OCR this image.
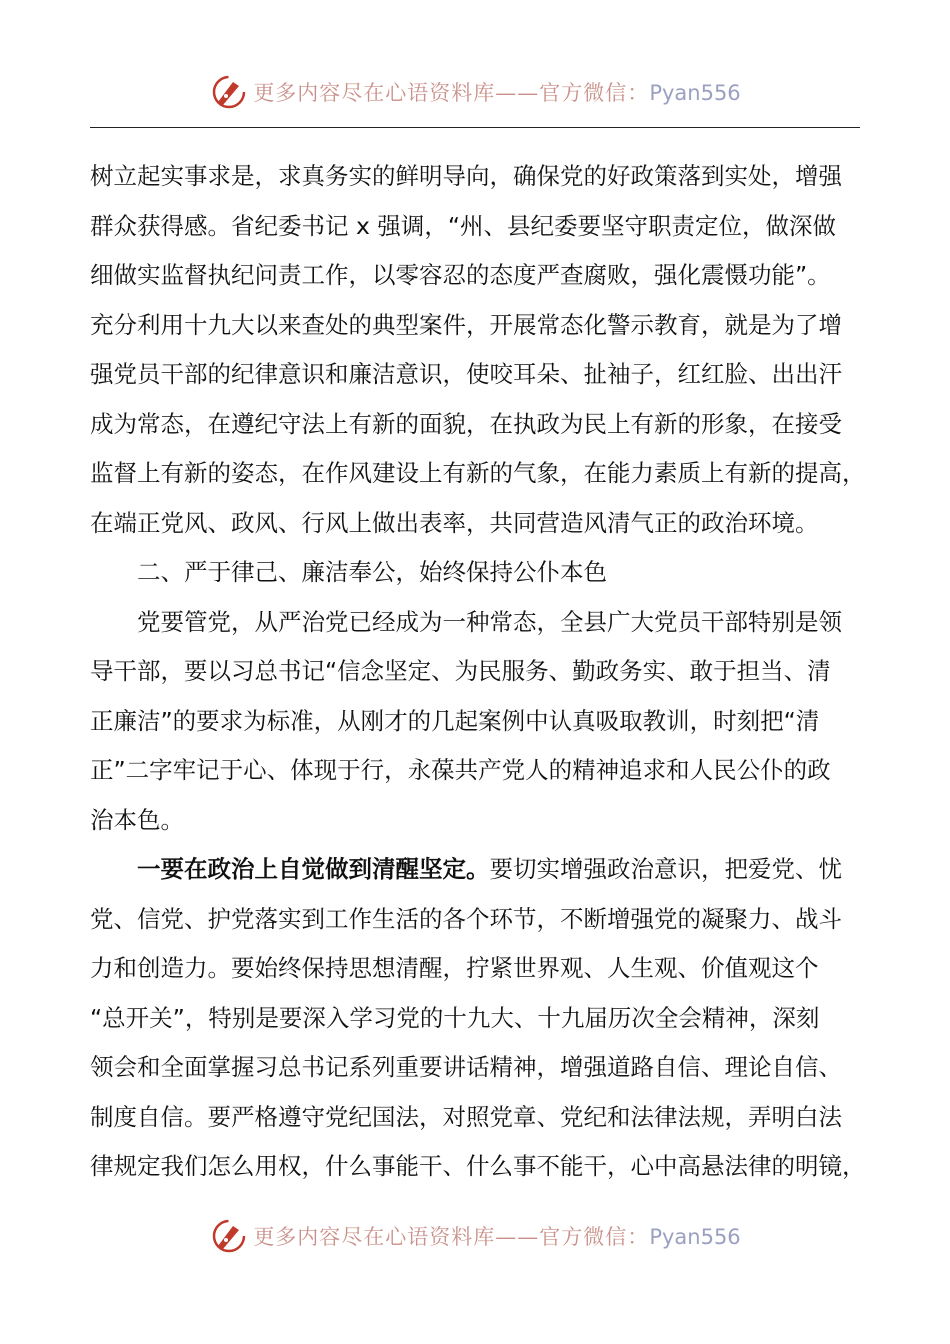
更多内容尽在心语资料库——官方微信：Pyan556
树立起实事求是，求真务实的鲜明导向，确保党的好政策落到实处，增强
群众获得感。省纪委书记 x 强调，“州、县纪委要坚守职责定位，做深做
细做实监督执纪问责工作，以零容忍的态度严查腐败，强化震慑功能”。
充分利用十九大以来查处的典型案件，开展常态化警示教育，就是为了增
强党员干部的纪律意识和廉洁意识，使咬耳朵、扯袖子，红红脸、出出汗
成为常态，在遵纪守法上有新的面貌，在执政为民上有新的形象，在接受
监督上有新的姿态，在作风建设上有新的气象，在能力素质上有新的提高，
在端正党风、政风、行风上做出表率，共同营造风清气正的政治环境。
二、严于律己、廉洁奉公，始终保持公仆本色
党要管党，从严治党已经成为一种常态，全县广大党员干部特别是领
导干部，要以习总书记“信念坚定、为民服务、勤政务实、敢于担当、清
正廉洁”的要求为标准，从刚才的几起案例中认真吸取教训，时刻把“清
正”二字牢记于心、体现于行，永葆共产党人的精神追求和人民公仆的政
治本色。
一要在政治上自觉做到清醒坚定。要切实增强政治意识，把爱党、忧
党、信党、护党落实到工作生活的各个环节，不断增强党的凝聚力、战斗
力和创造力。要始终保持思想清醒，拧紧世界观、人生观、价值观这个
“总开关”，特别是要深入学习党的十九大、十九届历次全会精神，深刻
领会和全面掌握习总书记系列重要讲话精神，增强道路自信、理论自信、
制度自信。要严格遵守党纪国法，对照党章、党纪和法律法规，弄明白法
律规定我们怎么用权，什么事能干、什么事不能干，心中高悬法律的明镜，
更多内容尽在心语资料库——官方微信：Pyan556
